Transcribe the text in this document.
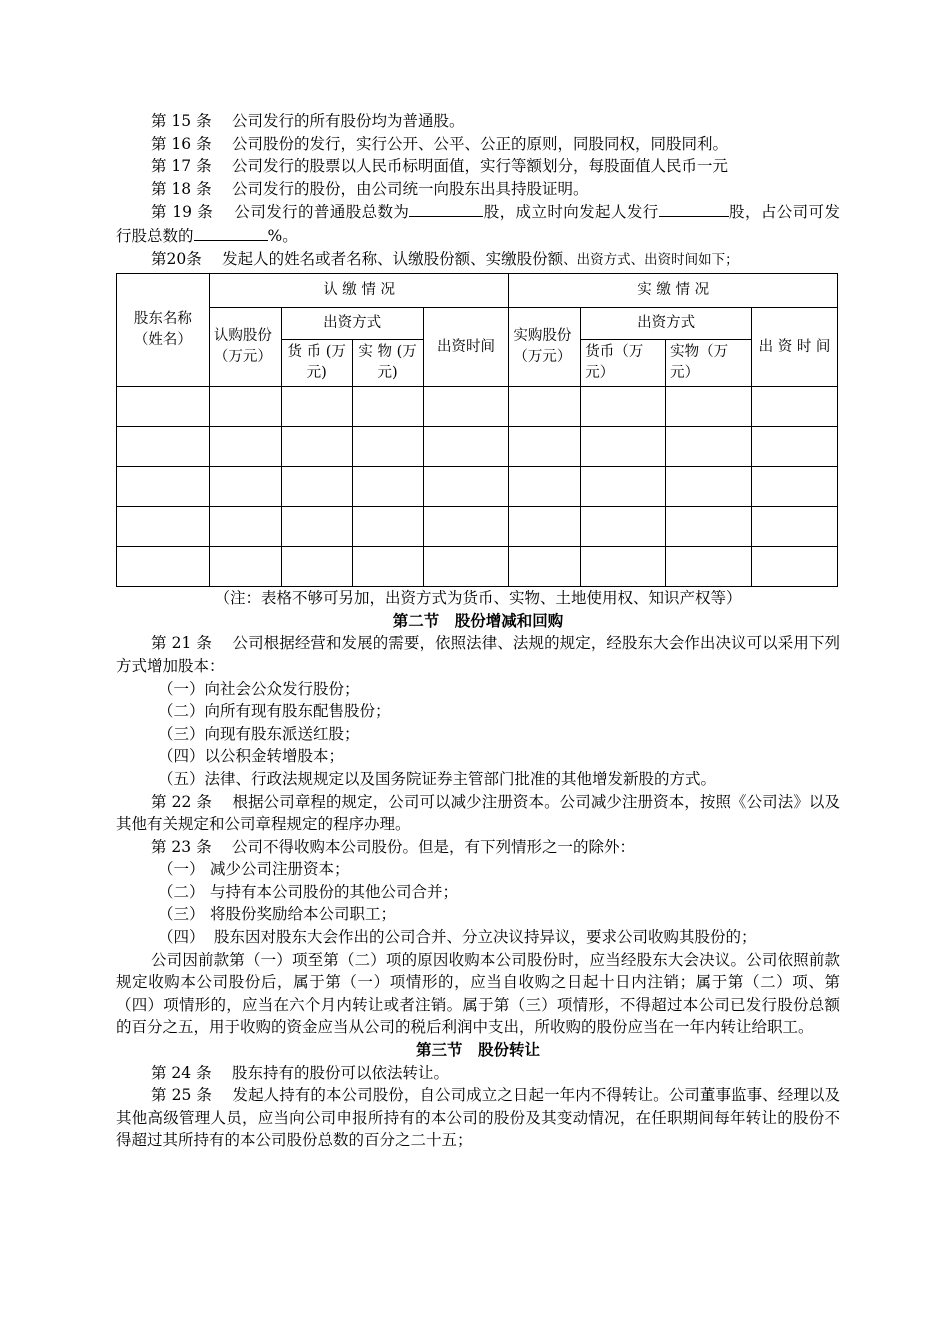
第 15 条　 公司发行的所有股份均为普通股。

第 16 条　 公司股份的发行，实行公开、公平、公正的原则，同股同权，同股同利。

第 17 条　 公司发行的股票以人民币标明面值，实行等额划分，每股面值人民币一元

第 18 条　 公司发行的股份，由公司统一向股东出具持股证明。

第 19 条　 公司发行的普通股总数为	股，成立时向发起人发行	股，占公司可发行股总数的	%。

第20条　 发起人的姓名或者名称、认缴股份额、实缴股份额、出资方式、出资时间如下；

股东名称（姓名）	认 缴 情 况				实 缴 情 况			
	认购股份（万元）	出资方式		出资时间	实购股份（万元）	出资方式		出 资 时 间
		货 币 (万元)	实 物 (万元)			货币（万元）	实物（万元）	

（注：表格不够可另加，出资方式为货币、实物、土地使用权、知识产权等）

第二节　股份增减和回购

第 21 条　 公司根据经营和发展的需要，依照法律、法规的规定，经股东大会作出决议可以采用下列方式增加股本：

（一）向社会公众发行股份；

（二）向所有现有股东配售股份；

（三）向现有股东派送红股；

（四）以公积金转增股本；

（五）法律、行政法规规定以及国务院证券主管部门批准的其他增发新股的方式。

第 22 条　 根据公司章程的规定，公司可以减少注册资本。公司减少注册资本，按照《公司法》以及其他有关规定和公司章程规定的程序办理。

第 23 条　 公司不得收购本公司股份。但是，有下列情形之一的除外：

（一） 减少公司注册资本；

（二） 与持有本公司股份的其他公司合并；

（三） 将股份奖励给本公司职工；

（四） 股东因对股东大会作出的公司合并、分立决议持异议，要求公司收购其股份的；

公司因前款第（一）项至第（二）项的原因收购本公司股份时，应当经股东大会决议。公司依照前款规定收购本公司股份后，属于第（一）项情形的，应当自收购之日起十日内注销；属于第（二）项、第（四）项情形的，应当在六个月内转让或者注销。属于第（三）项情形，不得超过本公司已发行股份总额的百分之五，用于收购的资金应当从公司的税后利润中支出，所收购的股份应当在一年内转让给职工。

第三节　股份转让

第 24 条　 股东持有的股份可以依法转让。

第 25 条　 发起人持有的本公司股份，自公司成立之日起一年内不得转让。公司董事监事、经理以及其他高级管理人员，应当向公司申报所持有的本公司的股份及其变动情况，在任职期间每年转让的股份不得超过其所持有的本公司股份总数的百分之二十五；
